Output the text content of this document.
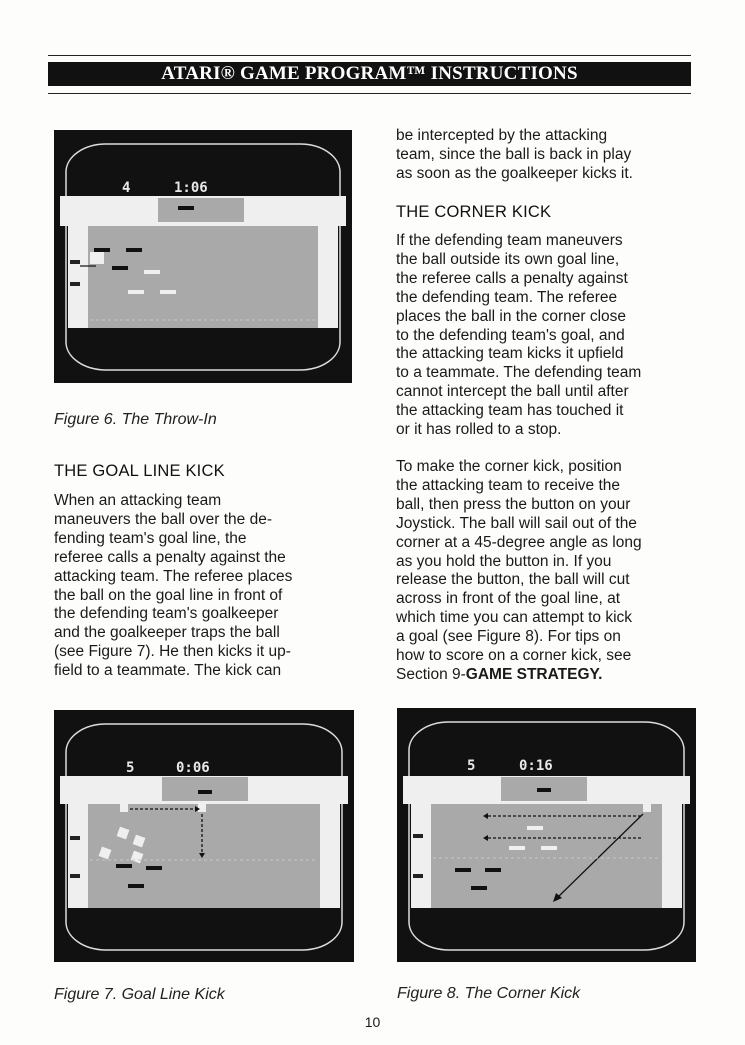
ATARI® GAME PROGRAM™ INSTRUCTIONS
4	1:06
Figure 6. The Throw-In
THE GOAL LINE KICK
When an attacking team
maneuvers the ball over the de-
fending team's goal line, the
referee calls a penalty against the
attacking team. The referee places
the ball on the goal line in front of
the defending team's goalkeeper
and the goalkeeper traps the ball
(see Figure 7). He then kicks it up-
field to a teammate. The kick can
be intercepted by the attacking
team, since the ball is back in play
as soon as the goalkeeper kicks it.
THE CORNER KICK
If the defending team maneuvers
the ball outside its own goal line,
the referee calls a penalty against
the defending team. The referee
places the ball in the corner close
to the defending team's goal, and
the attacking team kicks it upfield
to a teammate. The defending team
cannot intercept the ball until after
the attacking team has touched it
or it has rolled to a stop.
To make the corner kick, position
the attacking team to receive the
ball, then press the button on your
Joystick. The ball will sail out of the
corner at a 45-degree angle as long
as you hold the button in. If you
release the button, the ball will cut
across in front of the goal line, at
which time you can attempt to kick
a goal (see Figure 8). For tips on
how to score on a corner kick, see
Section 9-GAME STRATEGY.
5	0:06
Figure 7. Goal Line Kick
5	0:16
Figure 8. The Corner Kick
10
